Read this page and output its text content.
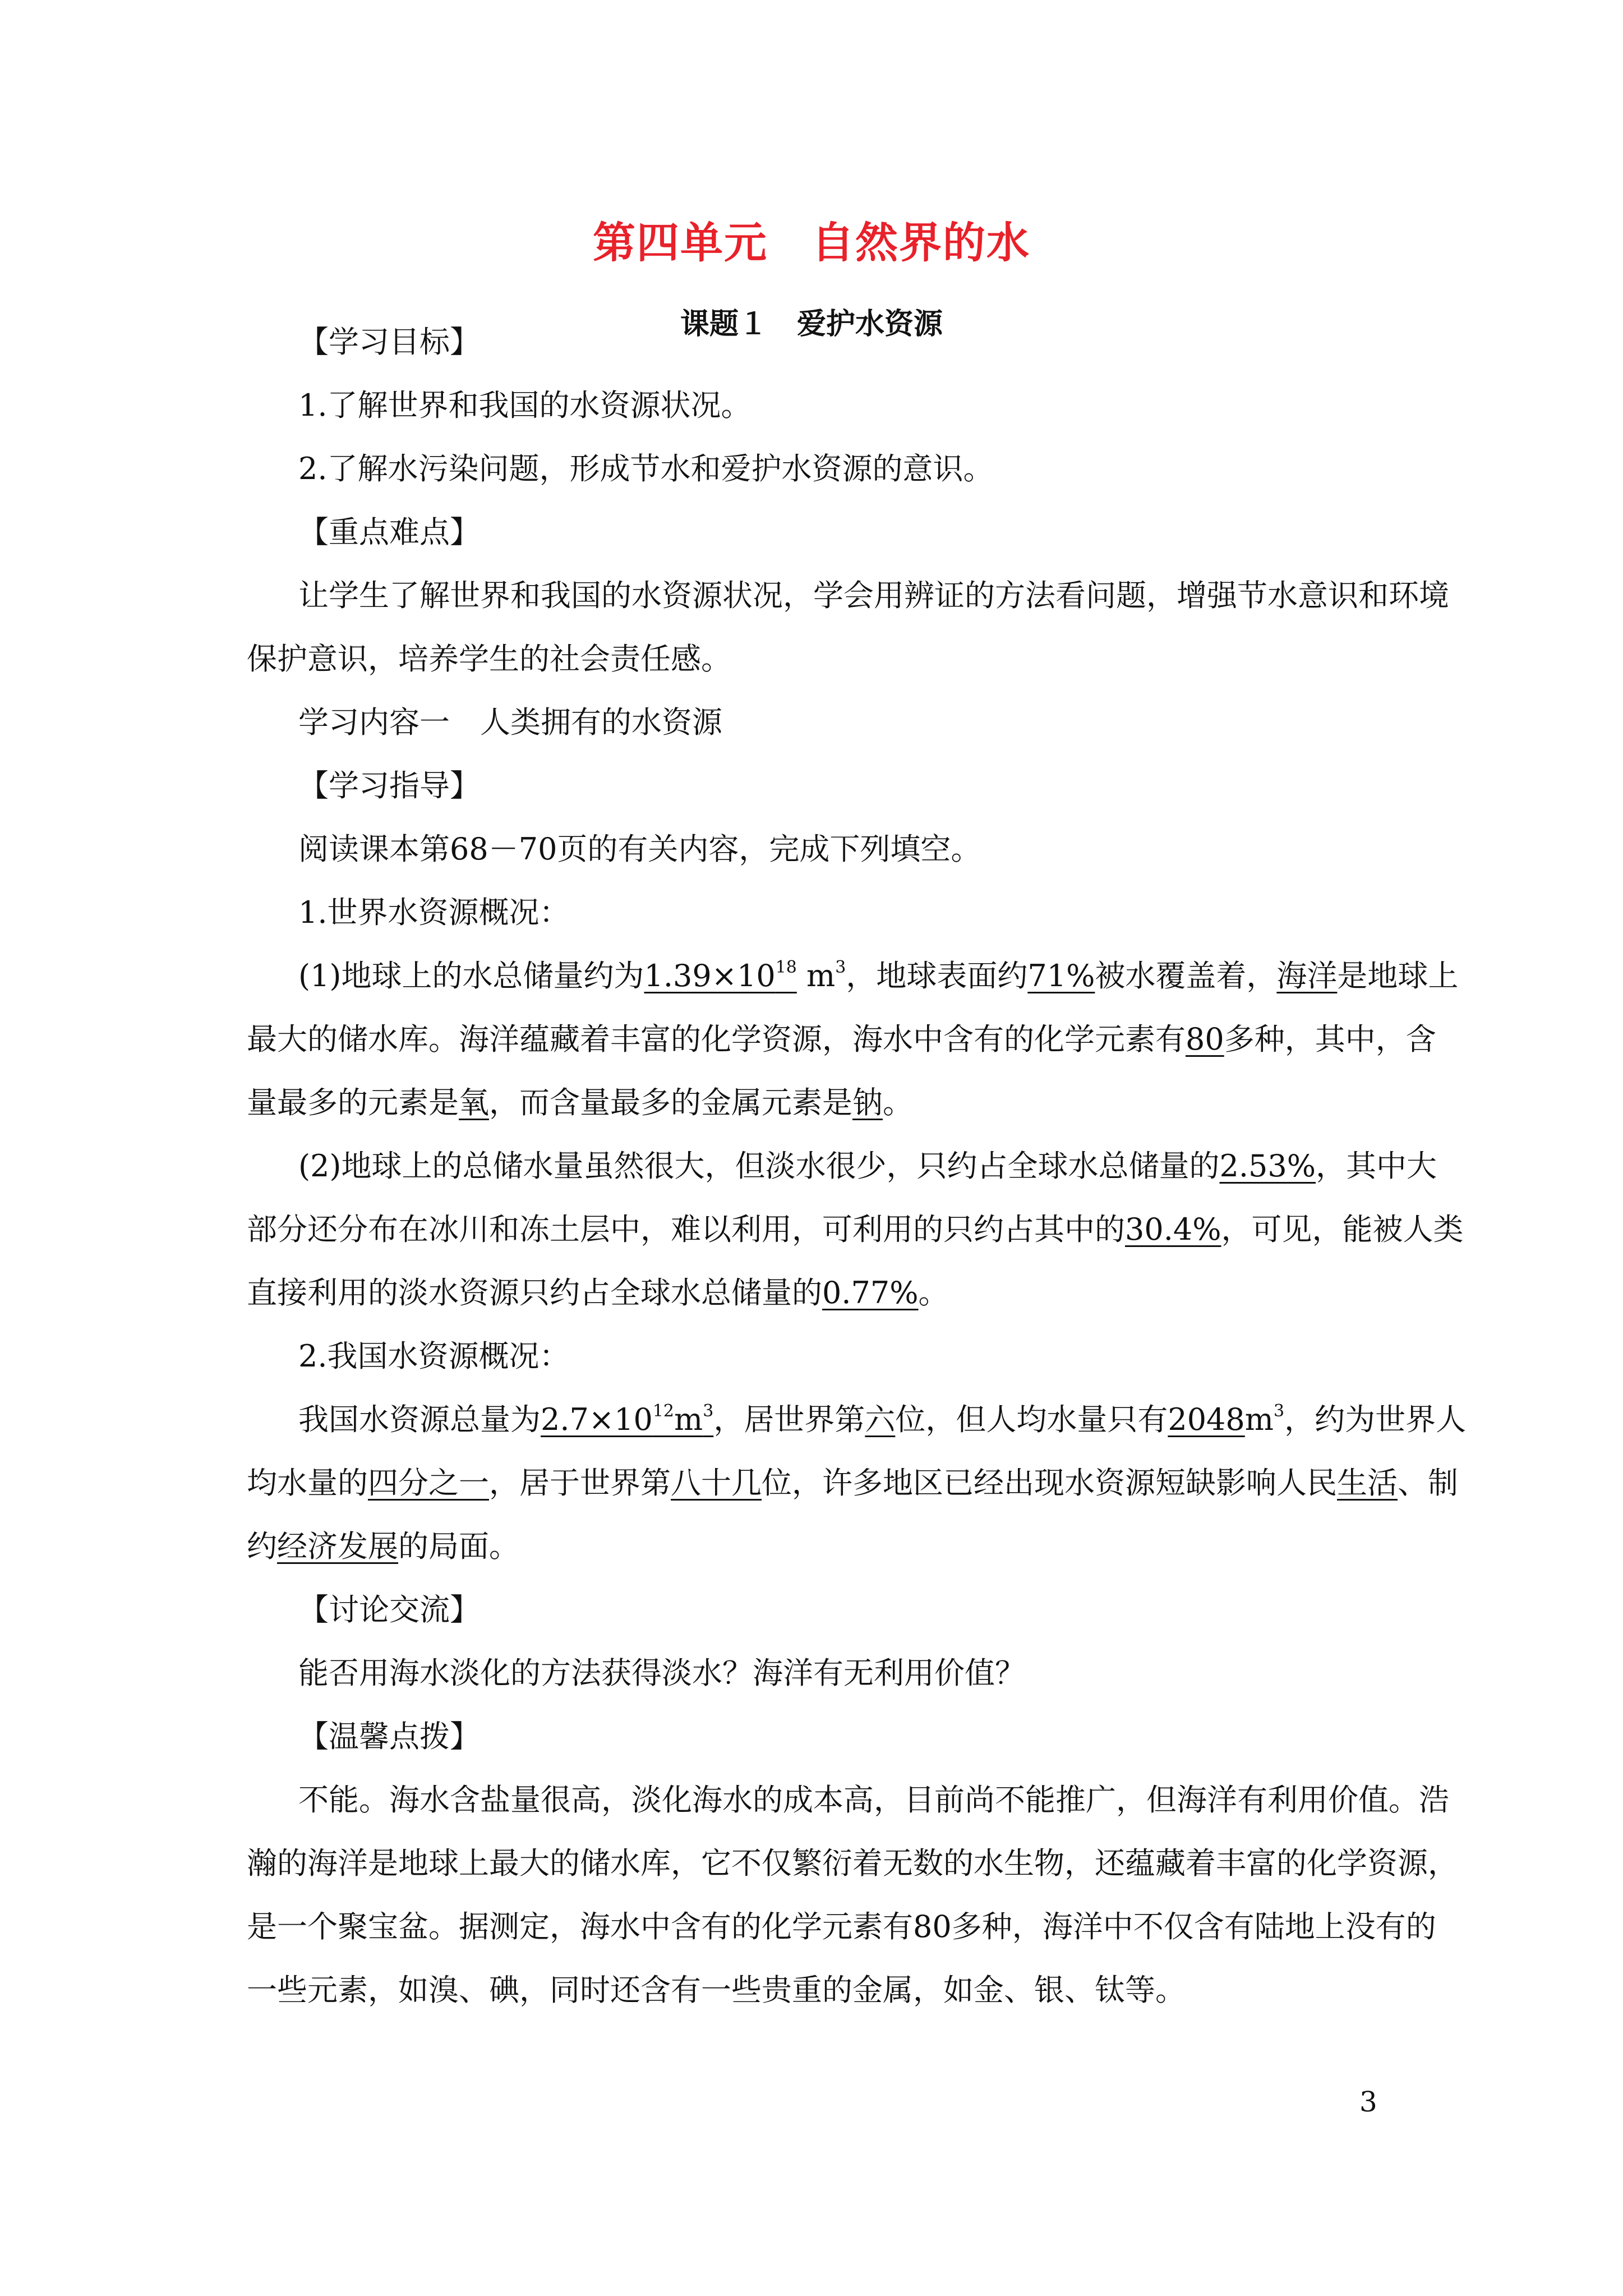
第四单元　自然界的水
课题１　爱护水资源
【学习目标】
1.了解世界和我国的水资源状况。
2.了解水污染问题，形成节水和爱护水资源的意识。
【重点难点】
让学生了解世界和我国的水资源状况，学会用辨证的方法看问题，增强节水意识和环境
保护意识，培养学生的社会责任感。
学习内容一　人类拥有的水资源
【学习指导】
阅读课本第68－70页的有关内容，完成下列填空。
1.世界水资源概况：
(1)地球上的水总储量约为$1.39\times 10^{18}$ $m^3$，地球表面约71%被水覆盖着，海洋是地球上
最大的储水库。海洋蕴藏着丰富的化学资源，海水中含有的化学元素有80多种，其中，含
量最多的元素是氧，而含量最多的金属元素是钠。
(2)地球上的总储水量虽然很大，但淡水很少，只约占全球水总储量的2.53%，其中大
部分还分布在冰川和冻土层中，难以利用，可利用的只约占其中的30.4%，可见，能被人类
直接利用的淡水资源只约占全球水总储量的0.77%。
2.我国水资源概况：
我国水资源总量为$2.7\times 10^{12}m^3$，居世界第六位，但人均水量只有$2048m^3$，约为世界人
均水量的四分之一，居于世界第八十几位，许多地区已经出现水资源短缺影响人民生活、制
约经济发展的局面。
【讨论交流】
能否用海水淡化的方法获得淡水？海洋有无利用价值？
【温馨点拨】
不能。海水含盐量很高，淡化海水的成本高，目前尚不能推广，但海洋有利用价值。浩
瀚的海洋是地球上最大的储水库，它不仅繁衍着无数的水生物，还蕴藏着丰富的化学资源，
是一个聚宝盆。据测定，海水中含有的化学元素有80多种，海洋中不仅含有陆地上没有的
一些元素，如溴、碘，同时还含有一些贵重的金属，如金、银、钛等。
3
